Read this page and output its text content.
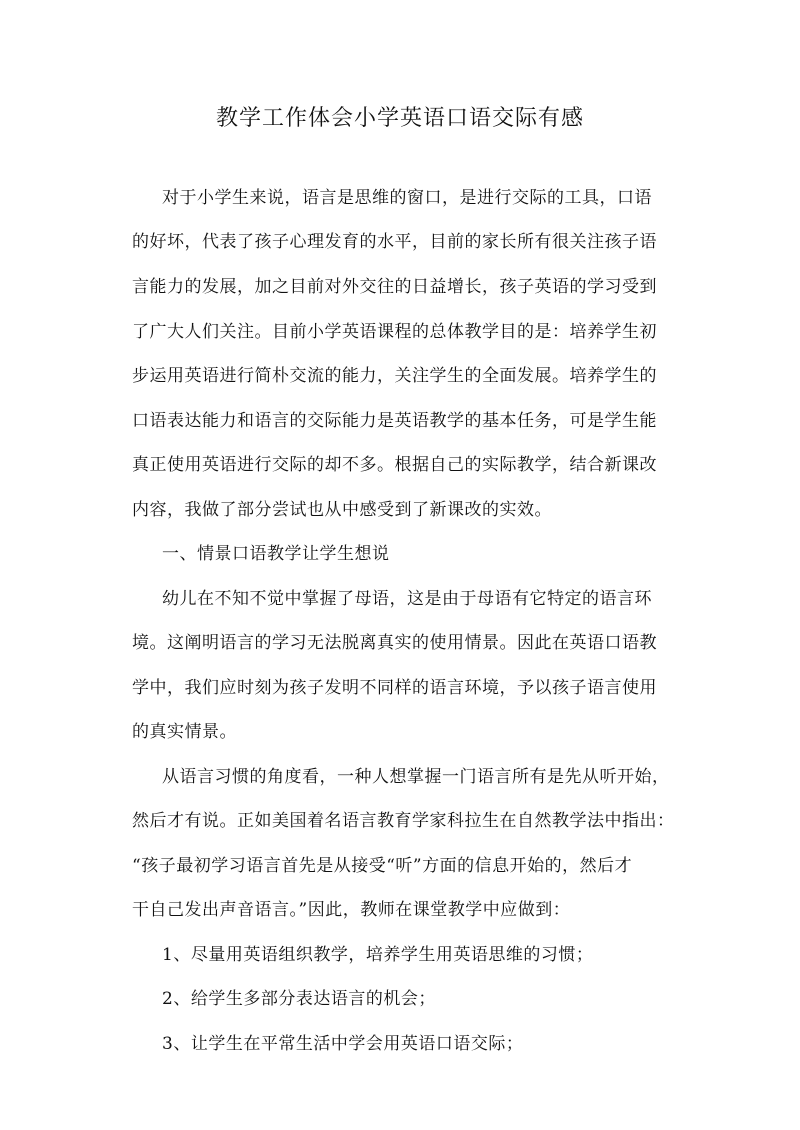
教学工作体会小学英语口语交际有感
对于小学生来说，语言是思维的窗口，是进行交际的工具，口语
的好坏，代表了孩子心理发育的水平，目前的家长所有很关注孩子语
言能力的发展，加之目前对外交往的日益增长，孩子英语的学习受到
了广大人们关注。目前小学英语课程的总体教学目的是：培养学生初
步运用英语进行简朴交流的能力，关注学生的全面发展。培养学生的
口语表达能力和语言的交际能力是英语教学的基本任务，可是学生能
真正使用英语进行交际的却不多。根据自己的实际教学，结合新课改
内容，我做了部分尝试也从中感受到了新课改的实效。
一、情景口语教学让学生想说
幼儿在不知不觉中掌握了母语，这是由于母语有它特定的语言环
境。这阐明语言的学习无法脱离真实的使用情景。因此在英语口语教
学中，我们应时刻为孩子发明不同样的语言环境，予以孩子语言使用
的真实情景。
从语言习惯的角度看，一种人想掌握一门语言所有是先从听开始，
然后才有说。正如美国着名语言教育学家科拉生在自然教学法中指出：
“孩子最初学习语言首先是从接受“听”方面的信息开始的，然后才
干自己发出声音语言。”因此，教师在课堂教学中应做到：
1、尽量用英语组织教学，培养学生用英语思维的习惯；
2、给学生多部分表达语言的机会；
3、让学生在平常生活中学会用英语口语交际；
